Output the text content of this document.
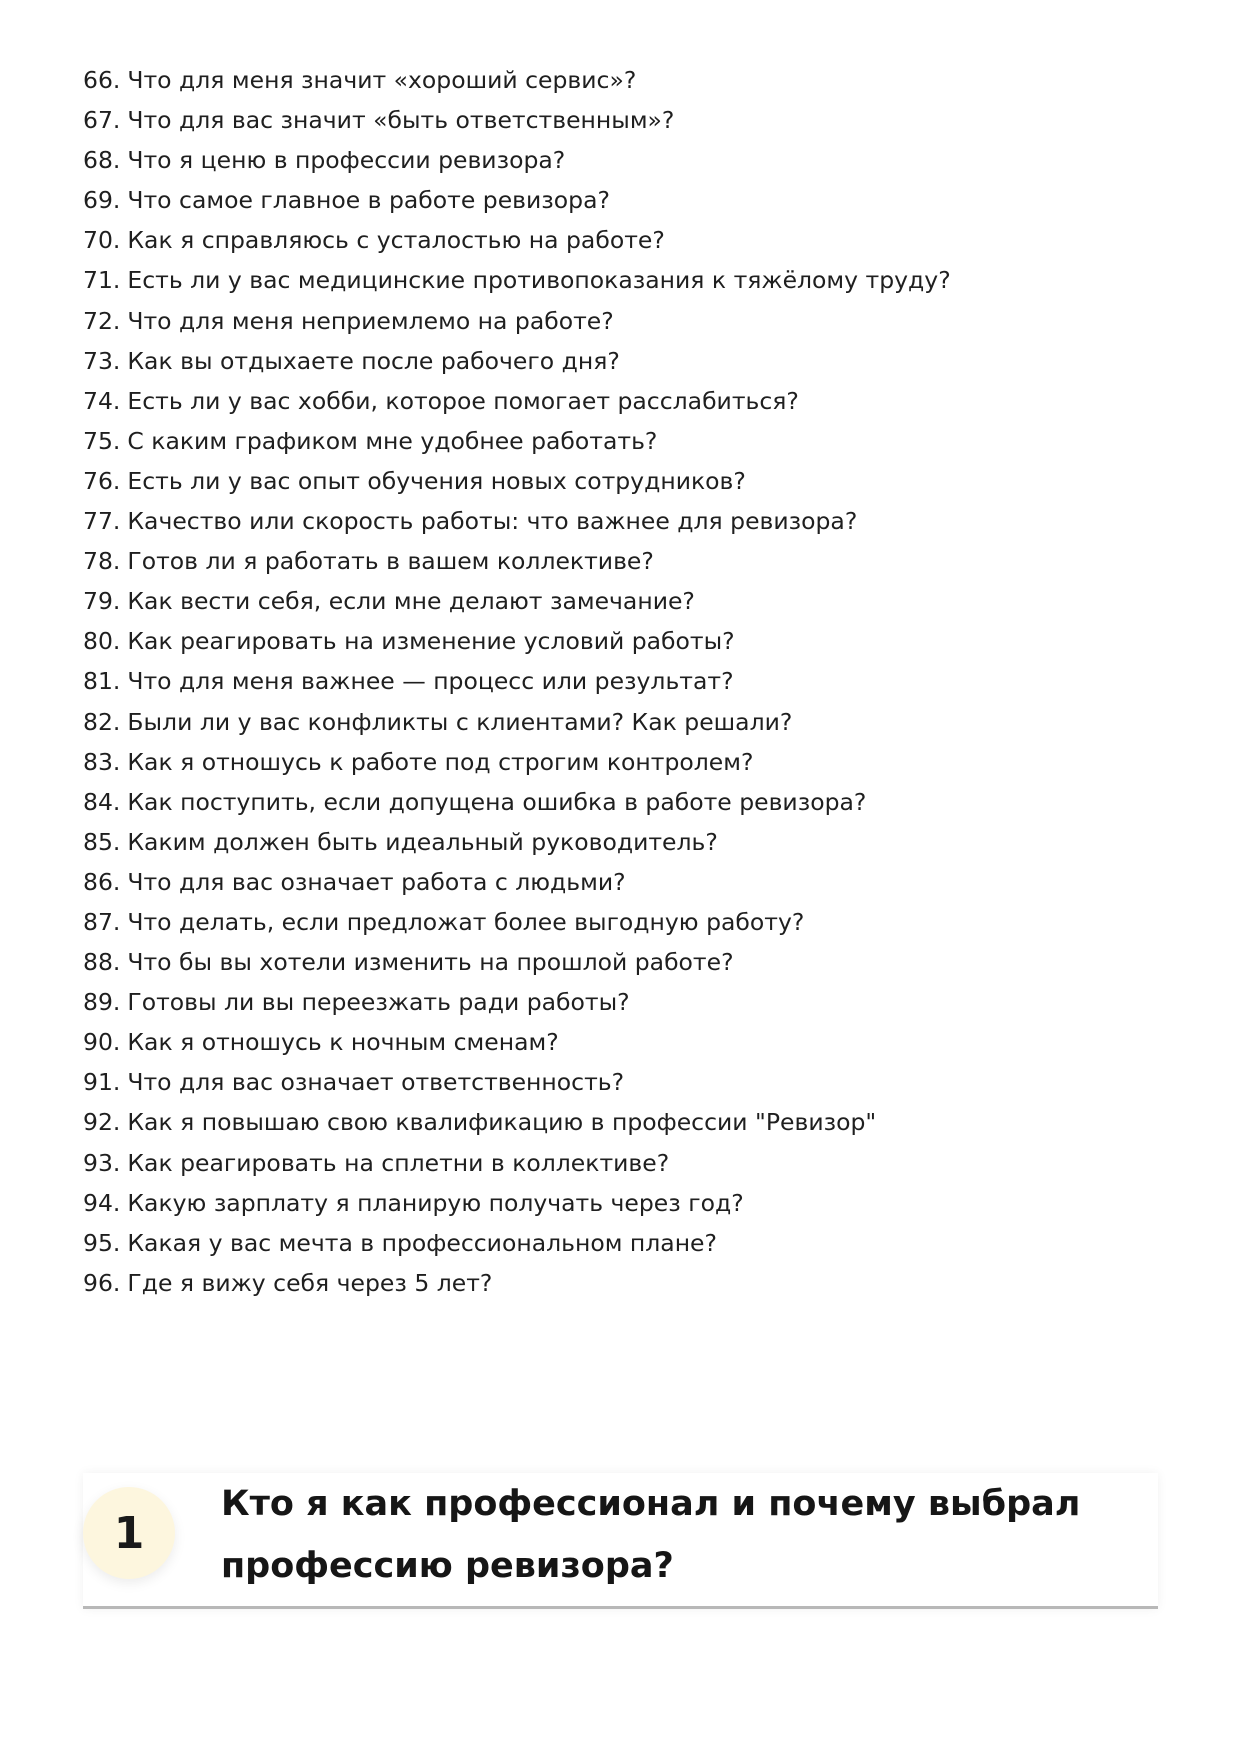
66. Что для меня значит «хороший сервис»?
67. Что для вас значит «быть ответственным»?
68. Что я ценю в профессии ревизора?
69. Что самое главное в работе ревизора?
70. Как я справляюсь с усталостью на работе?
71. Есть ли у вас медицинские противопоказания к тяжёлому труду?
72. Что для меня неприемлемо на работе?
73. Как вы отдыхаете после рабочего дня?
74. Есть ли у вас хобби, которое помогает расслабиться?
75. С каким графиком мне удобнее работать?
76. Есть ли у вас опыт обучения новых сотрудников?
77. Качество или скорость работы: что важнее для ревизора?
78. Готов ли я работать в вашем коллективе?
79. Как вести себя, если мне делают замечание?
80. Как реагировать на изменение условий работы?
81. Что для меня важнее — процесс или результат?
82. Были ли у вас конфликты с клиентами? Как решали?
83. Как я отношусь к работе под строгим контролем?
84. Как поступить, если допущена ошибка в работе ревизора?
85. Каким должен быть идеальный руководитель?
86. Что для вас означает работа с людьми?
87. Что делать, если предложат более выгодную работу?
88. Что бы вы хотели изменить на прошлой работе?
89. Готовы ли вы переезжать ради работы?
90. Как я отношусь к ночным сменам?
91. Что для вас означает ответственность?
92. Как я повышаю свою квалификацию в профессии "Ревизор"
93. Как реагировать на сплетни в коллективе?
94. Какую зарплату я планирую получать через год?
95. Какая у вас мечта в профессиональном плане?
96. Где я вижу себя через 5 лет?
1
Кто я как профессионал и почему выбрал профессию ревизора?
